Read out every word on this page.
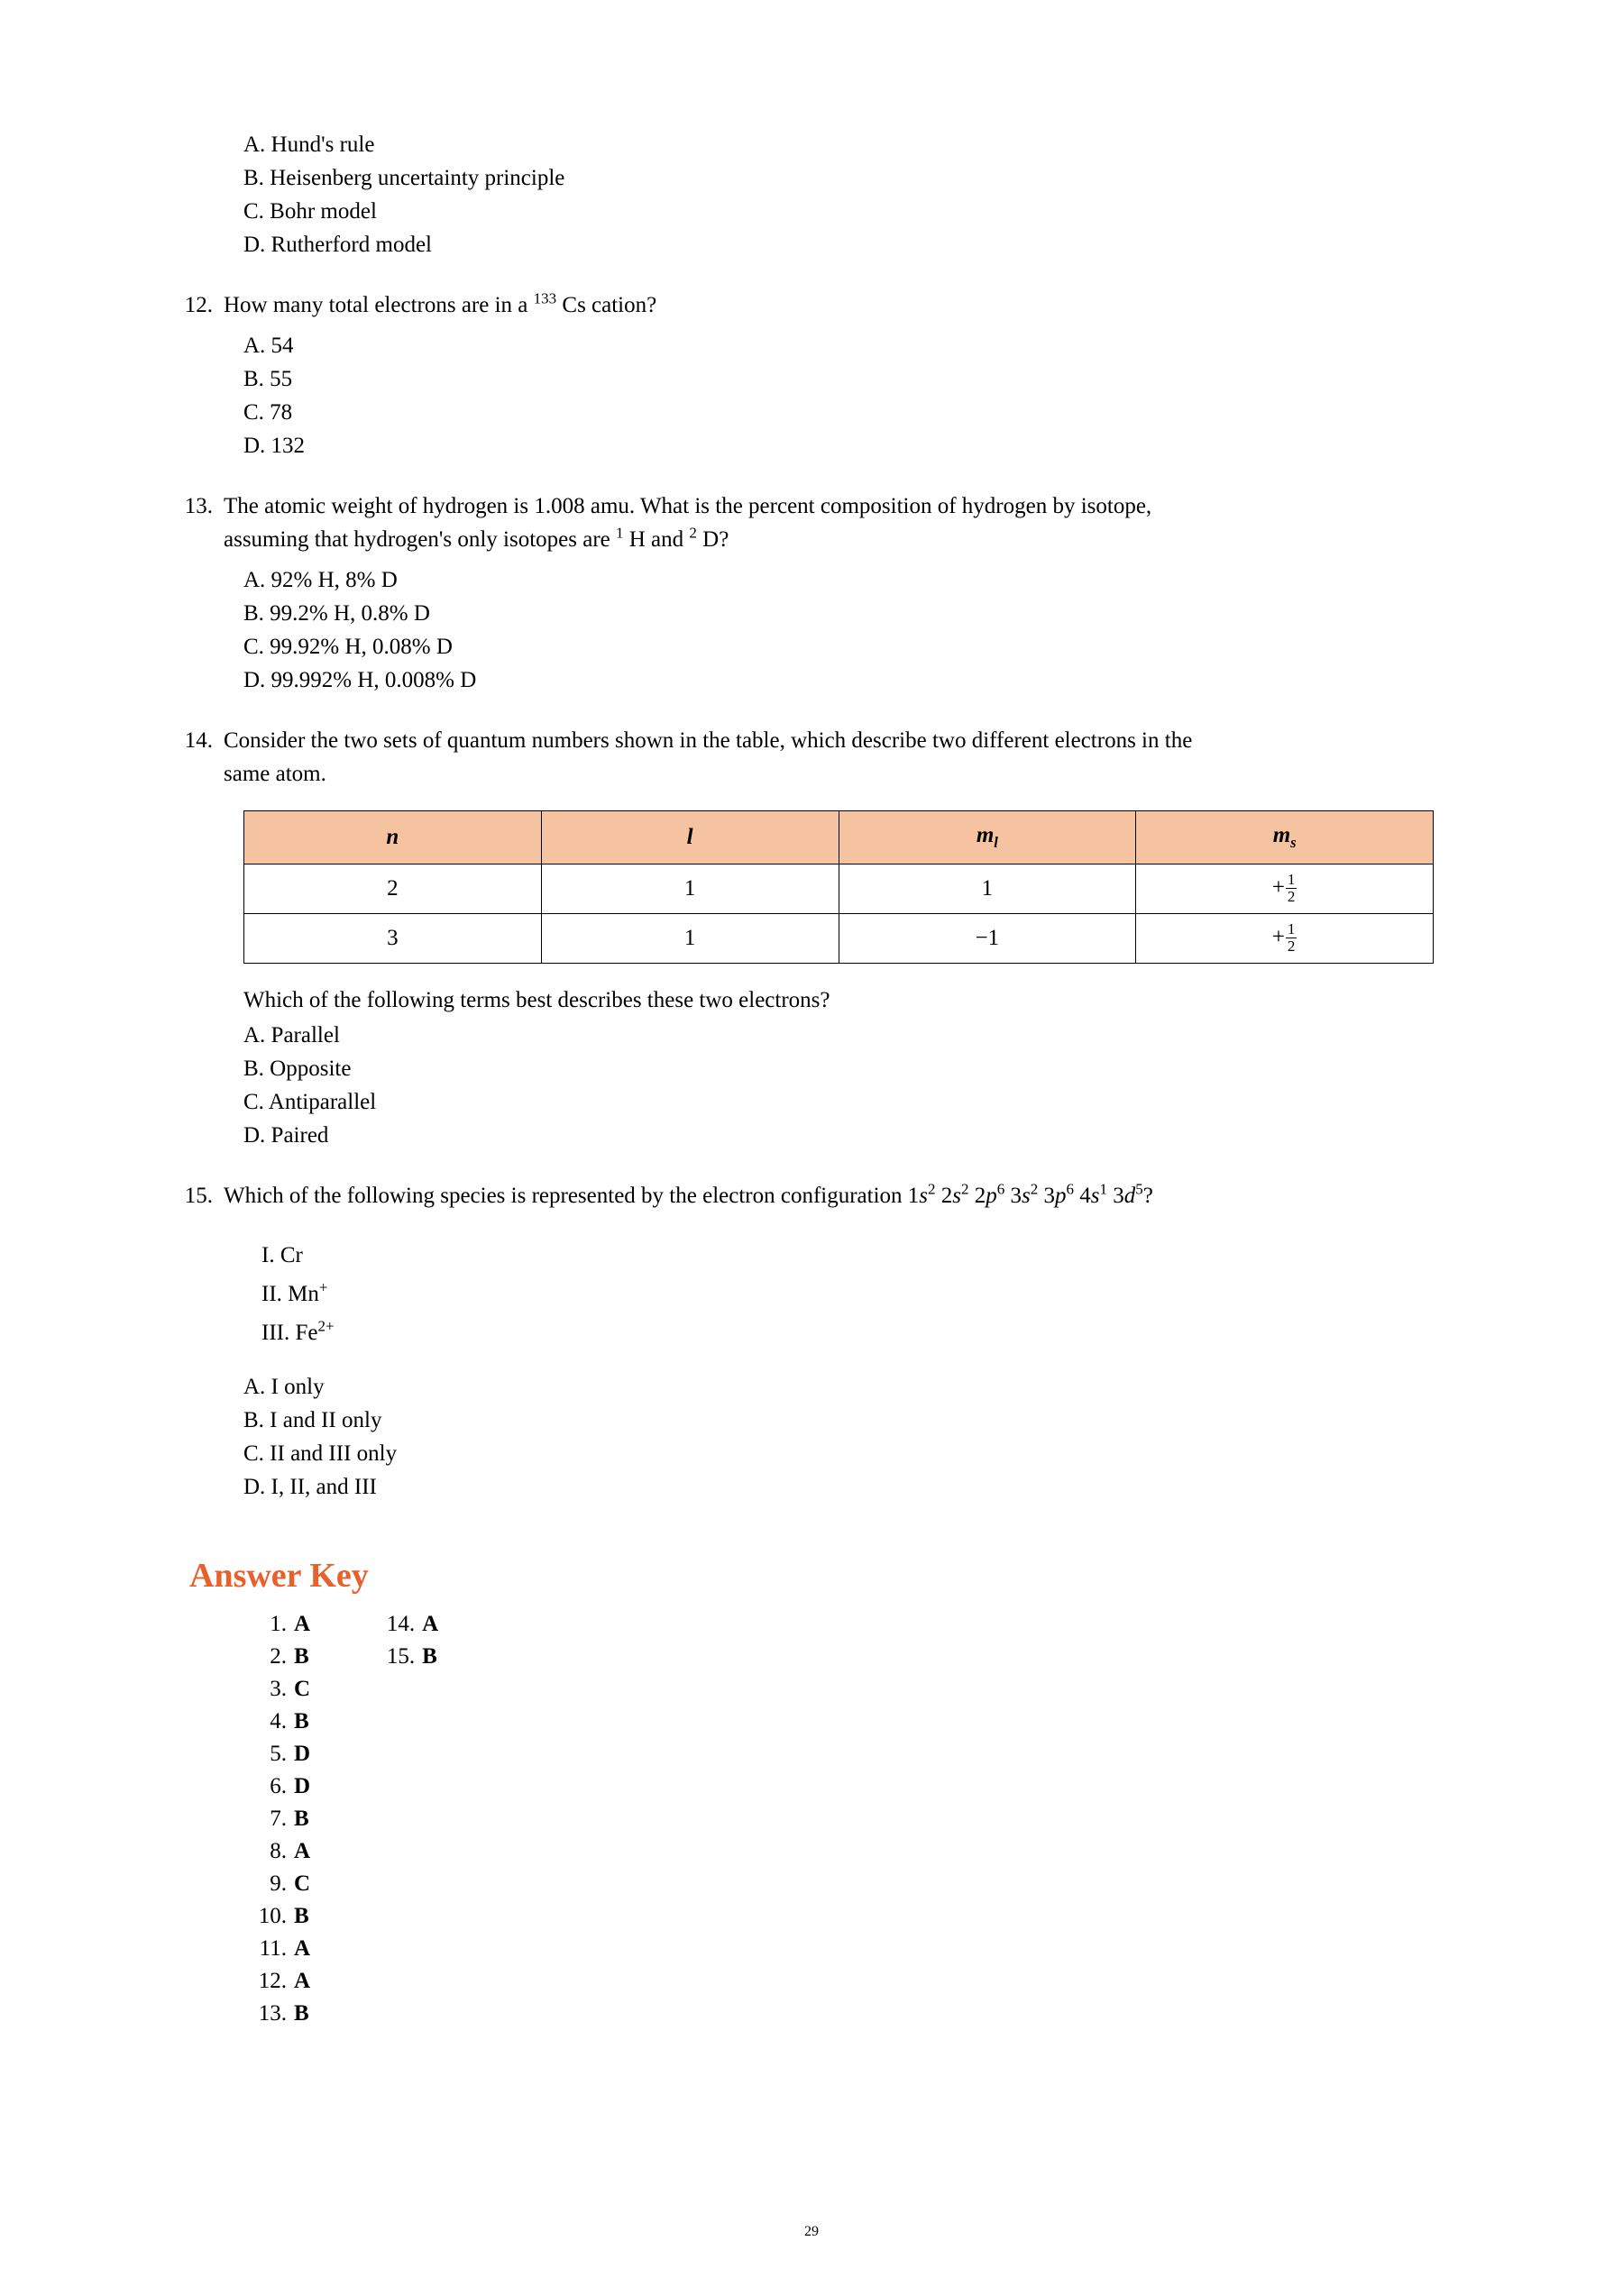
A. Hund's rule
B. Heisenberg uncertainty principle
C. Bohr model
D. Rutherford model
12. How many total electrons are in a $^{133}$ Cs cation?
A. 54
B. 55
C. 78
D. 132
13. The atomic weight of hydrogen is 1.008 amu. What is the percent composition of hydrogen by isotope,
assuming that hydrogen's only isotopes are $^1$ H and $^2$ D?
A. 92% H, 8% D
B. 99.2% H, 0.8% D
C. 99.92% H, 0.08% D
D. 99.992% H, 0.008% D
14. Consider the two sets of quantum numbers shown in the table, which describe two different electrons in the
same atom.
n	l	$m_l$	$m_s$
2	1	1	+ $\frac{1}{2}$

3	1	−1	+ $\frac{1}{2}$
Which of the following terms best describes these two electrons?
A. Parallel
B. Opposite
C. Antiparallel
D. Paired
15. Which of the following species is represented by the electron configuration $1s^2$ $2s^2$ $2p^6$ $3s^2$ $3p^6$ $4s^1$ $3d^5$?
I. Cr
II. Mn+
III. $Fe^{2+}$
A. I only
B. I and II only
C. II and III only
D. I, II, and III
Answer Key
1. A
2. B
3. C
4. B
5. D
6. D
7. B
8. A
9. C
10. B
11. A
12. A
13. B
14. A
15. B
29
